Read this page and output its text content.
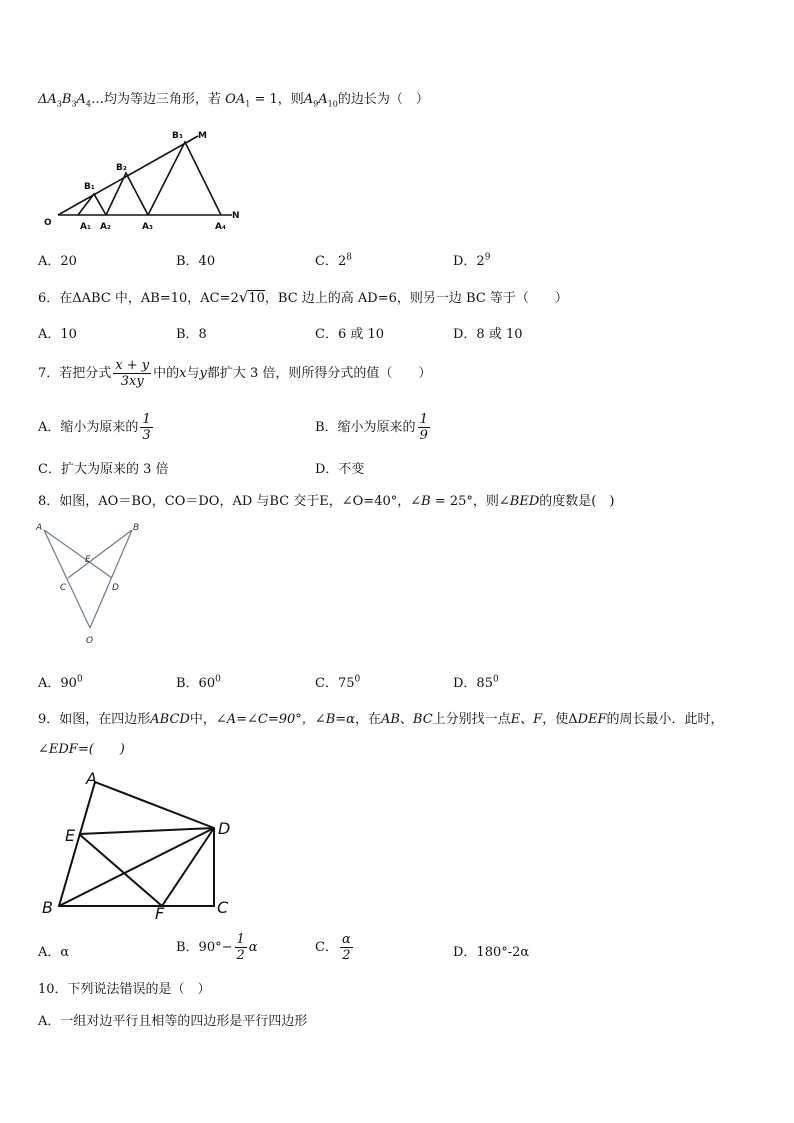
$\Delta A_3B_3A_4\dots$均为等边三角形，若 $OA_1 = 1$，则$A_9A_{10}$的边长为（　）
B₁
B₂
B₃ M
O	A₁ A₂	A₃	A₄
N
A．20	B．40	C．$2^8$	D．$2^9$
6．在ΔABC 中，AB=10，AC=2√10，BC 边上的高 AD=6，则另一边 BC 等于（　　）
A．10	B．8	C．6 或 10	D．8 或 10
7．若把分式 $\frac{x + y}{3xy}$ 中的x与y都扩大 3 倍，则所得分式的值（　　）
A．缩小为原来的 $\frac{1}{3}$	B．缩小为原来的 $\frac{1}{9}$
C．扩大为原来的 3 倍	D．不变
8．如图，AO＝BO，CO＝DO，AD 与BC 交于E，∠O=40°，∠B = 25°，则∠BED的度数是(　)
A	B
E
C	D
O
A．$90^0$	B．$60^0$	C．$75^0$	D．$85^0$
9．如图，在四边形ABCD中，∠A=∠C=90°，∠B=α，在AB、BC上分别找一点E、F，使ΔDEF的周长最小．此时，
∠EDF=(　　)
A
E	D
B	F	C
A．α	B．$90^\circ- \frac{1}{2}$ α	C． $\frac{\alpha}{2}$	D．180°-2α
10．下列说法错误的是（　）
A．一组对边平行且相等的四边形是平行四边形
